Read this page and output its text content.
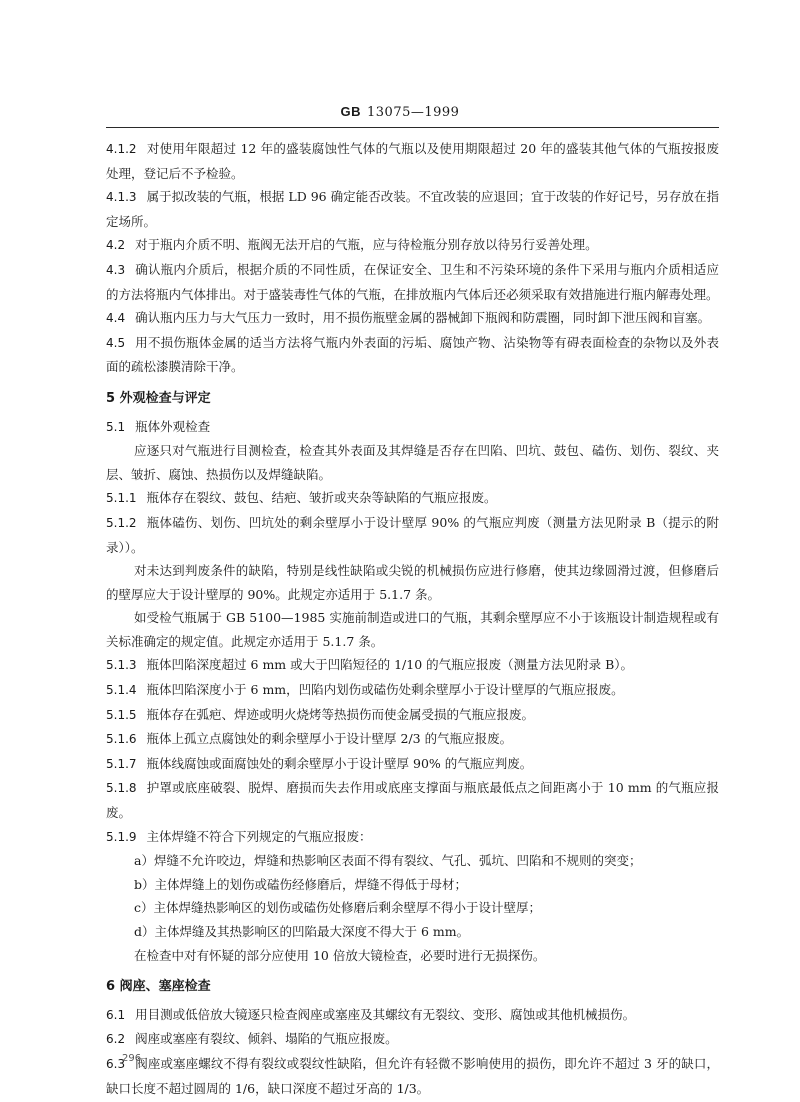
GB 13075—1999

4.1.2 对使用年限超过 12 年的盛装腐蚀性气体的气瓶以及使用期限超过 20 年的盛装其他气体的气瓶按报废处理，登记后不予检验。

4.1.3 属于拟改装的气瓶，根据 LD 96 确定能否改装。不宜改装的应退回；宜于改装的作好记号，另存放在指定场所。

4.2 对于瓶内介质不明、瓶阀无法开启的气瓶，应与待检瓶分别存放以待另行妥善处理。

4.3 确认瓶内介质后，根据介质的不同性质，在保证安全、卫生和不污染环境的条件下采用与瓶内介质相适应的方法将瓶内气体排出。对于盛装毒性气体的气瓶，在排放瓶内气体后还必须采取有效措施进行瓶内解毒处理。

4.4 确认瓶内压力与大气压力一致时，用不损伤瓶壁金属的器械卸下瓶阀和防震圈，同时卸下泄压阀和盲塞。

4.5 用不损伤瓶体金属的适当方法将气瓶内外表面的污垢、腐蚀产物、沾染物等有碍表面检查的杂物以及外表面的疏松漆膜清除干净。

5 外观检查与评定

5.1 瓶体外观检查

应逐只对气瓶进行目测检查，检查其外表面及其焊缝是否存在凹陷、凹坑、鼓包、磕伤、划伤、裂纹、夹层、皱折、腐蚀、热损伤以及焊缝缺陷。

5.1.1 瓶体存在裂纹、鼓包、结疤、皱折或夹杂等缺陷的气瓶应报废。

5.1.2 瓶体磕伤、划伤、凹坑处的剩余壁厚小于设计壁厚 90% 的气瓶应判废（测量方法见附录 B（提示的附录））。

对未达到判废条件的缺陷，特别是线性缺陷或尖锐的机械损伤应进行修磨，使其边缘圆滑过渡，但修磨后的壁厚应大于设计壁厚的 90%。此规定亦适用于 5.1.7 条。

如受检气瓶属于 GB 5100—1985 实施前制造或进口的气瓶，其剩余壁厚应不小于该瓶设计制造规程或有关标准确定的规定值。此规定亦适用于 5.1.7 条。

5.1.3 瓶体凹陷深度超过 6 mm 或大于凹陷短径的 1/10 的气瓶应报废（测量方法见附录 B）。

5.1.4 瓶体凹陷深度小于 6 mm，凹陷内划伤或磕伤处剩余壁厚小于设计壁厚的气瓶应报废。

5.1.5 瓶体存在弧疤、焊迹或明火烧烤等热损伤而使金属受损的气瓶应报废。

5.1.6 瓶体上孤立点腐蚀处的剩余壁厚小于设计壁厚 2/3 的气瓶应报废。

5.1.7 瓶体线腐蚀或面腐蚀处的剩余壁厚小于设计壁厚 90% 的气瓶应判废。

5.1.8 护罩或底座破裂、脱焊、磨损而失去作用或底座支撑面与瓶底最低点之间距离小于 10 mm 的气瓶应报废。

5.1.9 主体焊缝不符合下列规定的气瓶应报废：

a）焊缝不允许咬边，焊缝和热影响区表面不得有裂纹、气孔、弧坑、凹陷和不规则的突变；

b）主体焊缝上的划伤或磕伤经修磨后，焊缝不得低于母材；

c）主体焊缝热影响区的划伤或磕伤处修磨后剩余壁厚不得小于设计壁厚；

d）主体焊缝及其热影响区的凹陷最大深度不得大于 6 mm。

在检查中对有怀疑的部分应使用 10 倍放大镜检查，必要时进行无损探伤。

6 阀座、塞座检查

6.1 用目测或低倍放大镜逐只检查阀座或塞座及其螺纹有无裂纹、变形、腐蚀或其他机械损伤。

6.2 阀座或塞座有裂纹、倾斜、塌陷的气瓶应报废。

6.3 阀座或塞座螺纹不得有裂纹或裂纹性缺陷，但允许有轻微不影响使用的损伤，即允许不超过 3 牙的缺口，缺口长度不超过圆周的 1/6，缺口深度不超过牙高的 1/3。

296
